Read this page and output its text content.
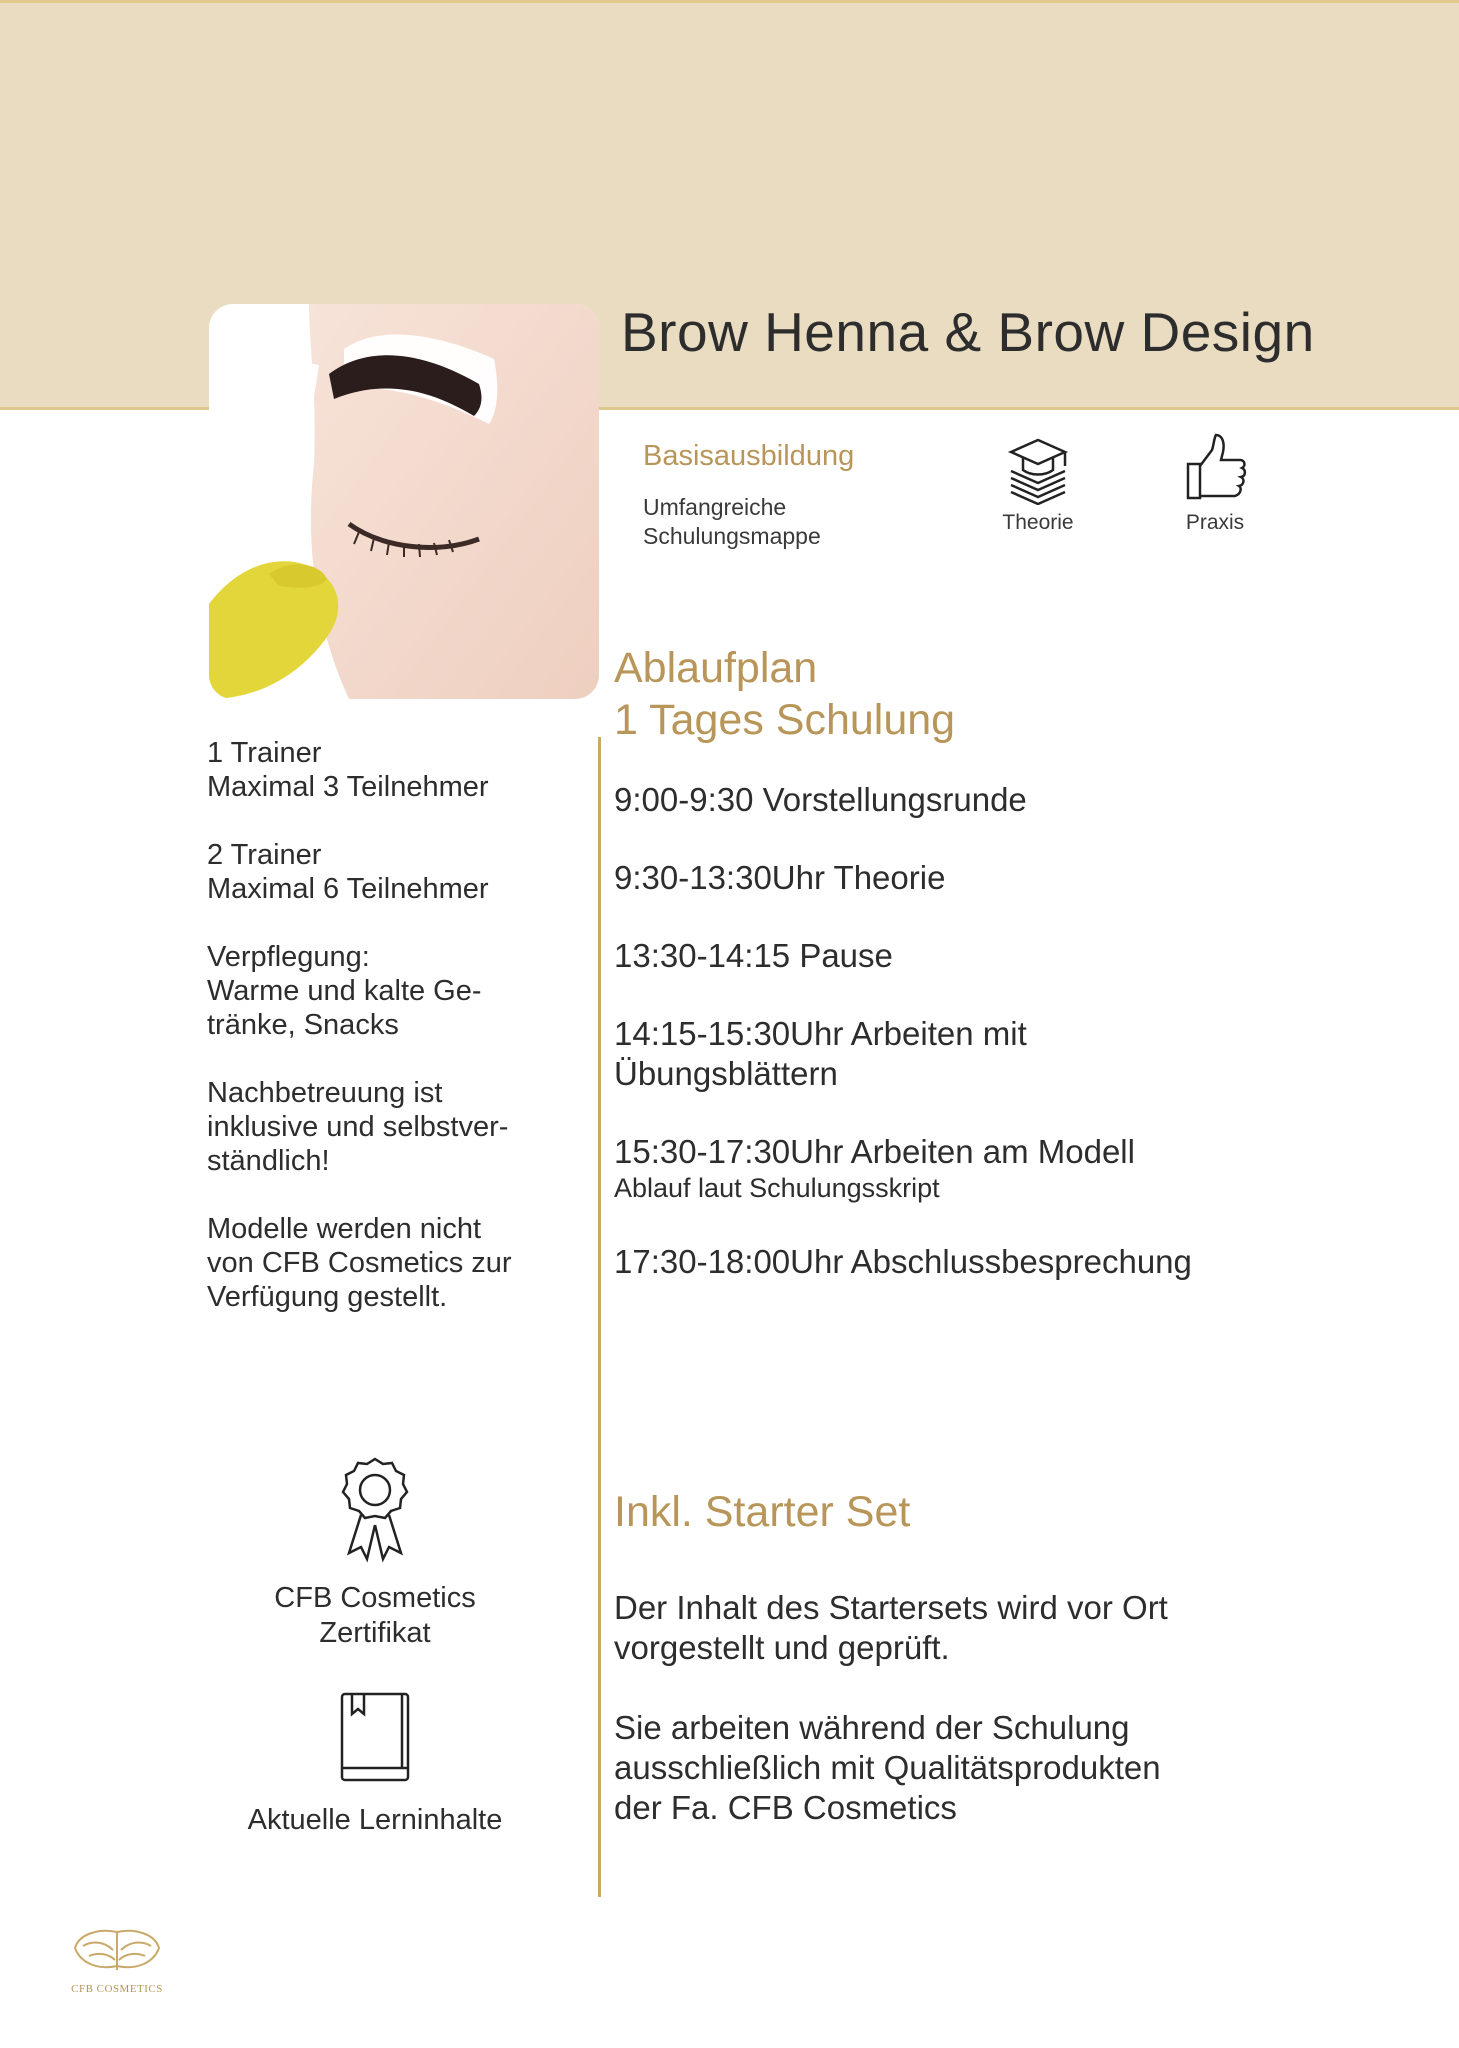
Brow Henna & Brow Design
Basisausbildung
Umfangreiche
Schulungsmappe
Theorie	Praxis
Ablaufplan
1 Tages Schulung
9:00-9:30 Vorstellungsrunde
9:30-13:30Uhr Theorie
13:30-14:15 Pause
14:15-15:30Uhr Arbeiten mit
Übungsblättern
15:30-17:30Uhr Arbeiten am Modell
Ablauf laut Schulungsskript
17:30-18:00Uhr Abschlussbesprechung
1 Trainer
Maximal 3 Teilnehmer
2 Trainer
Maximal 6 Teilnehmer
Verpflegung:
Warme und kalte Ge-
tränke, Snacks
Nachbetreuung ist
inklusive und selbstver-
ständlich!
Modelle werden nicht
von CFB Cosmetics zur
Verfügung gestellt.
CFB Cosmetics
Zertifikat
Aktuelle Lerninhalte
Inkl. Starter Set
Der Inhalt des Startersets wird vor Ort
vorgestellt und geprüft.
Sie arbeiten während der Schulung
ausschließlich mit Qualitätsprodukten
der Fa. CFB Cosmetics
CFB COSMETICS
